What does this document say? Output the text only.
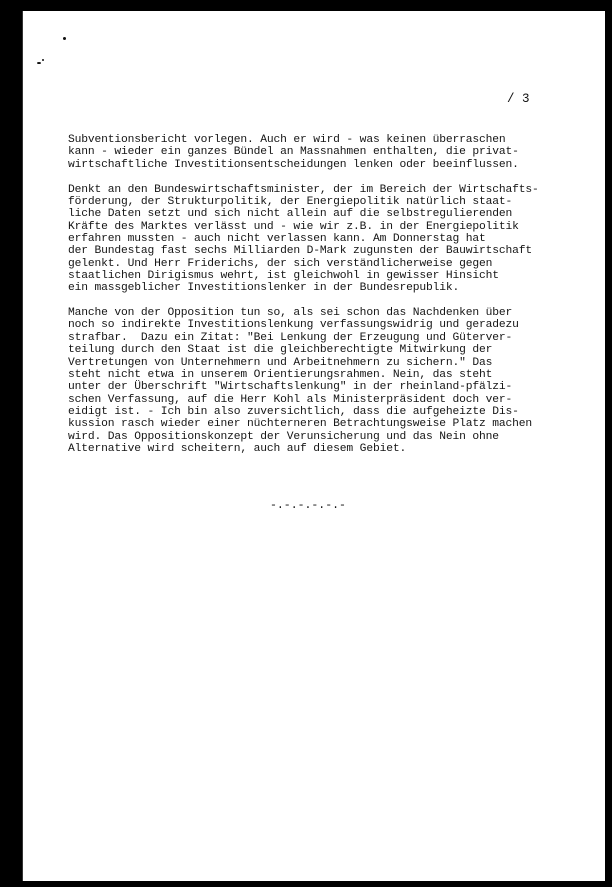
/ 3

Subventionsbericht vorlegen. Auch er wird - was keinen überraschen
kann - wieder ein ganzes Bündel an Massnahmen enthalten, die privat-
wirtschaftliche Investitionsentscheidungen lenken oder beeinflussen.

Denkt an den Bundeswirtschaftsminister, der im Bereich der Wirtschafts-
förderung, der Strukturpolitik, der Energiepolitik natürlich staat-
liche Daten setzt und sich nicht allein auf die selbstregulierenden
Kräfte des Marktes verlässt und - wie wir z.B. in der Energiepolitik
erfahren mussten - auch nicht verlassen kann. Am Donnerstag hat
der Bundestag fast sechs Milliarden D-Mark zugunsten der Bauwirtschaft
gelenkt. Und Herr Friderichs, der sich verständlicherweise gegen
staatlichen Dirigismus wehrt, ist gleichwohl in gewisser Hinsicht
ein massgeblicher Investitionslenker in der Bundesrepublik.

Manche von der Opposition tun so, als sei schon das Nachdenken über
noch so indirekte Investitionslenkung verfassungswidrig und geradezu
strafbar.  Dazu ein Zitat: "Bei Lenkung der Erzeugung und Güterver-
teilung durch den Staat ist die gleichberechtigte Mitwirkung der
Vertretungen von Unternehmern und Arbeitnehmern zu sichern." Das
steht nicht etwa in unserem Orientierungsrahmen. Nein, das steht
unter der Überschrift "Wirtschaftslenkung" in der rheinland-pfälzi-
schen Verfassung, auf die Herr Kohl als Ministerpräsident doch ver-
eidigt ist. - Ich bin also zuversichtlich, dass die aufgeheizte Dis-
kussion rasch wieder einer nüchterneren Betrachtungsweise Platz machen
wird. Das Oppositionskonzept der Verunsicherung und das Nein ohne
Alternative wird scheitern, auch auf diesem Gebiet.

-.-.-.-.-.-
